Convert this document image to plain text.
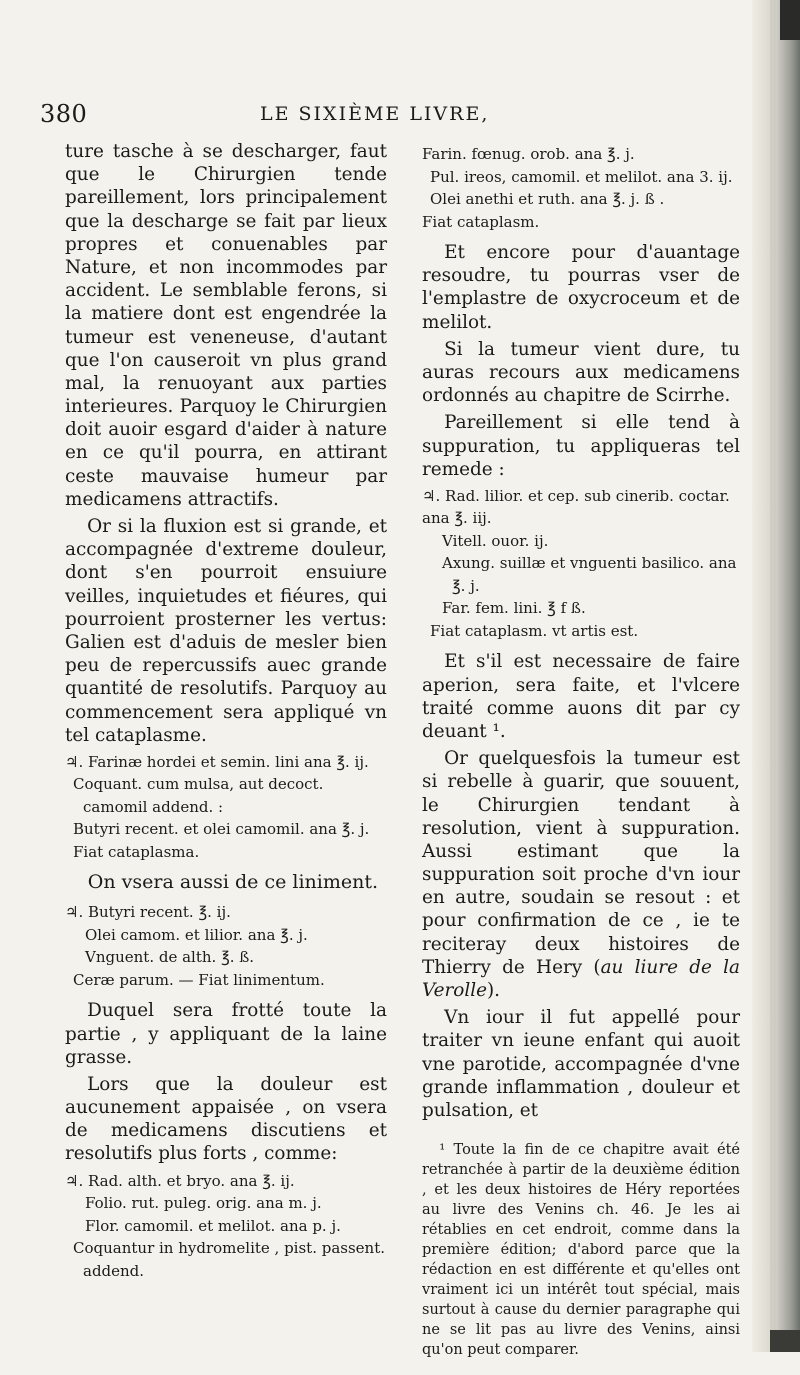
380	LE SIXIÈME LIVRE,

ture tasche à se descharger, faut que le Chirurgien tende pareillement, lors principalement que la descharge se fait par lieux propres et conuenables par Nature, et non incommodes par accident. Le semblable ferons, si la matiere dont est engendrée la tumeur est veneneuse, d'autant que l'on causeroit vn plus grand mal, la renuoyant aux parties interieures. Parquoy le Chirurgien doit auoir esgard d'aider à nature en ce qu'il pourra, en attirant ceste mauvaise humeur par medicamens attractifs.

Or si la fluxion est si grande, et accompagnée d'extreme douleur, dont s'en pourroit ensuiure veilles, inquietudes et fiéures, qui pourroient prosterner les vertus: Galien est d'aduis de mesler bien peu de repercussifs auec grande quantité de resolutifs. Parquoy au commencement sera appliqué vn tel cataplasme.

♃. Farinæ hordei et semin. lini ana ℥. ij.
Coquant. cum mulsa, aut decoct. camomil addend. :
Butyri recent. et olei camomil. ana ℥. j.
Fiat cataplasma.

On vsera aussi de ce liniment.

♃. Butyri recent. ℥. ij.
Olei camom. et lilior. ana ℥. j.
Vnguent. de alth. ℥. ß.
Ceræ parum. — Fiat linimentum.

Duquel sera frotté toute la partie , y appliquant de la laine grasse.

Lors que la douleur est aucunement appaisée , on vsera de medicamens discutiens et resolutifs plus forts , comme:

♃. Rad. alth. et bryo. ana ℥. ij.
Folio. rut. puleg. orig. ana m. j.
Flor. camomil. et melilot. ana p. j.
Coquantur in hydromelite , pist. passent. addend.
Farin. fœnug. orob. ana ℥. j.
Pul. ireos, camomil. et melilot. ana 3. ij.
Olei anethi et ruth. ana ℥. j. ß .
Fiat cataplasm.

Et encore pour d'auantage resoudre, tu pourras vser de l'emplastre de oxycroceum et de melilot.

Si la tumeur vient dure, tu auras recours aux medicamens ordonnés au chapitre de Scirrhe.

Pareillement si elle tend à suppuration, tu appliqueras tel remede :

♃. Rad. lilior. et cep. sub cinerib. coctar. ana ℥. iij.
Vitell. ouor. ij.
Axung. suillæ et vnguenti basilico. ana ℥. j.
Far. fem. lini. ℥ f ß.
Fiat cataplasm. vt artis est.

Et s'il est necessaire de faire aperion, sera faite, et l'vlcere traité comme auons dit par cy deuant ¹.

Or quelquesfois la tumeur est si rebelle à guarir, que souuent, le Chirurgien tendant à resolution, vient à suppuration. Aussi estimant que la suppuration soit proche d'vn iour en autre, soudain se resout : et pour confirmation de ce , ie te reciteray deux histoires de Thierry de Hery (au liure de la Verolle).

Vn iour il fut appellé pour traiter vn ieune enfant qui auoit vne parotide, accompagnée d'vne grande inflammation , douleur et pulsation, et

¹ Toute la fin de ce chapitre avait été retranchée à partir de la deuxième édition , et les deux histoires de Héry reportées au livre des Venins ch. 46. Je les ai rétablies en cet endroit, comme dans la première édition; d'abord parce que la rédaction en est différente et qu'elles ont vraiment ici un intérêt tout spécial, mais surtout à cause du dernier paragraphe qui ne se lit pas au livre des Venins, ainsi qu'on peut comparer.
